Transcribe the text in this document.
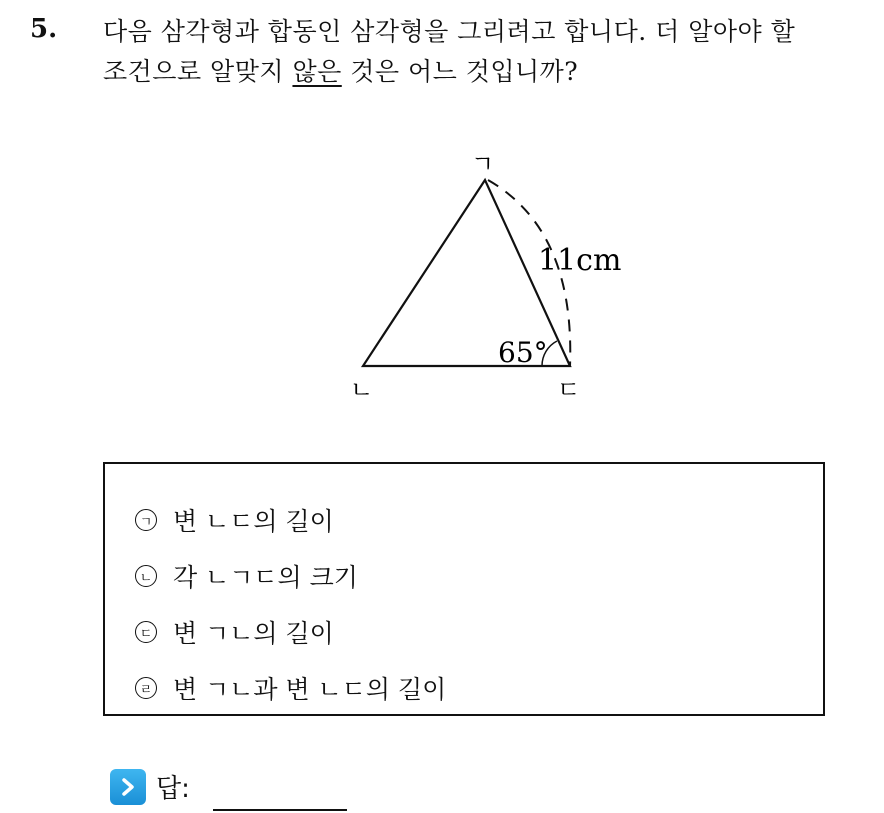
5. 다음 삼각형과 합동인 삼각형을 그리려고 합니다. 더 알아야 할
조건으로 알맞지 않은 것은 어느 것입니까?
ㄱ
ㄴ	ㄷ
11cm
65°
ㄱ 변 ㄴㄷ의 길이
ㄴ 각 ㄴㄱㄷ의 크기
ㄷ 변 ㄱㄴ의 길이
ㄹ 변 ㄱㄴ과 변 ㄴㄷ의 길이
답:
